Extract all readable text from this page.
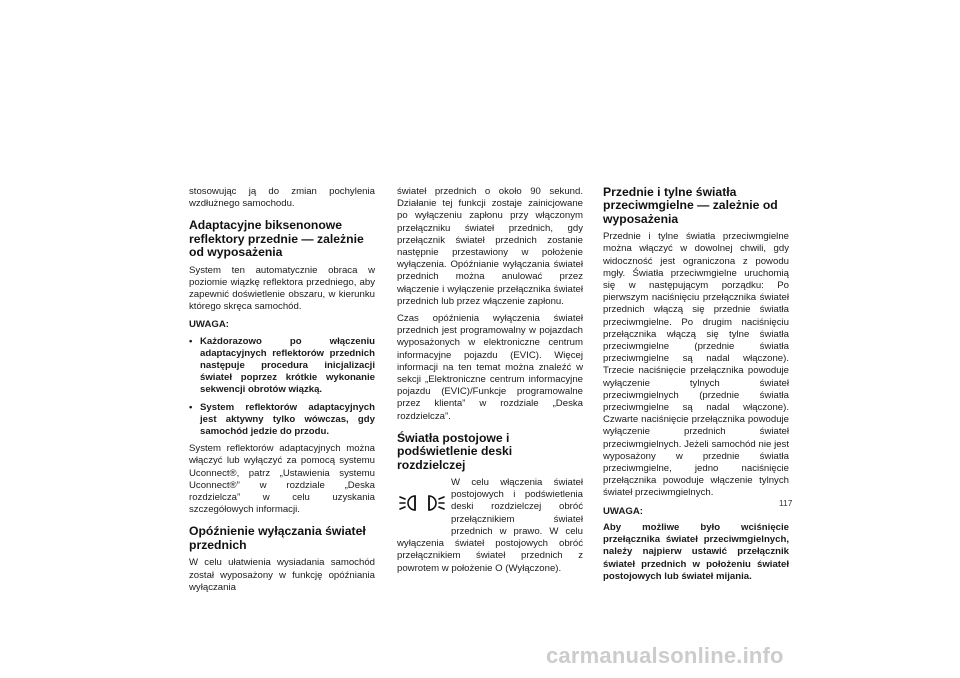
stosowując ją do zmian pochylenia wzdłużnego samochodu.

Adaptacyjne biksenonowe reflektory przednie — zależnie od wyposażenia

System ten automatycznie obraca w poziomie wiązkę reflektora przedniego, aby zapewnić doświetlenie obszaru, w kierunku którego skręca samochód.

UWAGA:
• Każdorazowo po włączeniu adaptacyjnych reflektorów przednich następuje procedura inicjalizacji świateł poprzez krótkie wykonanie sekwencji obrotów wiązką.
• System reflektorów adaptacyjnych jest aktywny tylko wówczas, gdy samochód jedzie do przodu.

System reflektorów adaptacyjnych można włączyć lub wyłączyć za pomocą systemu Uconnect®, patrz „Ustawienia systemu Uconnect®” w rozdziale „Deska rozdzielcza” w celu uzyskania szczegółowych informacji.

Opóźnienie wyłączania świateł przednich

W celu ułatwienia wysiadania samochód został wyposażony w funkcję opóźniania wyłączania

świateł przednich o około 90 sekund. Działanie tej funkcji zostaje zainicjowane po wyłączeniu zapłonu przy włączonym przełączniku świateł przednich, gdy przełącznik świateł przednich zostanie następnie przestawiony w położenie wyłączenia. Opóźnianie wyłączania świateł przednich można anulować przez włączenie i wyłączenie przełącznika świateł przednich lub przez włączenie zapłonu.

Czas opóźnienia wyłączenia świateł przednich jest programowalny w pojazdach wyposażonych w elektroniczne centrum informacyjne pojazdu (EVIC). Więcej informacji na ten temat można znaleźć w sekcji „Elektroniczne centrum informacyjne pojazdu (EVIC)/Funkcje programowalne przez klienta” w rozdziale „Deska rozdzielcza”.

Światła postojowe i podświetlenie deski rozdzielczej

W celu włączenia świateł postojowych i podświetlenia deski rozdzielczej obróć przełącznikiem świateł przednich w prawo. W celu wyłączenia świateł postojowych obróć przełącznikiem świateł przednich z powrotem w położenie O (Wyłączone).

Przednie i tylne światła przeciwmgielne — zależnie od wyposażenia

Przednie i tylne światła przeciwmgielne można włączyć w dowolnej chwili, gdy widoczność jest ograniczona z powodu mgły. Światła przeciwmgielne uruchomią się w następującym porządku: Po pierwszym naciśnięciu przełącznika świateł przednich włączą się przednie światła przeciwmgielne. Po drugim naciśnięciu przełącznika włączą się tylne światła przeciwmgielne (przednie światła przeciwmgielne są nadal włączone). Trzecie naciśnięcie przełącznika powoduje wyłączenie tylnych świateł przeciwmgielnych (przednie światła przeciwmgielne są nadal włączone). Czwarte naciśnięcie przełącznika powoduje wyłączenie przednich świateł przeciwmgielnych. Jeżeli samochód nie jest wyposażony w przednie światła przeciwmgielne, jedno naciśnięcie przełącznika powoduje włączenie tylnych świateł przeciwmgielnych.

UWAGA:

Aby możliwe było wciśnięcie przełącznika świateł przeciwmgielnych, należy najpierw ustawić przełącznik świateł przednich w położeniu świateł postojowych lub świateł mijania.

117
carmanualsonline.info
